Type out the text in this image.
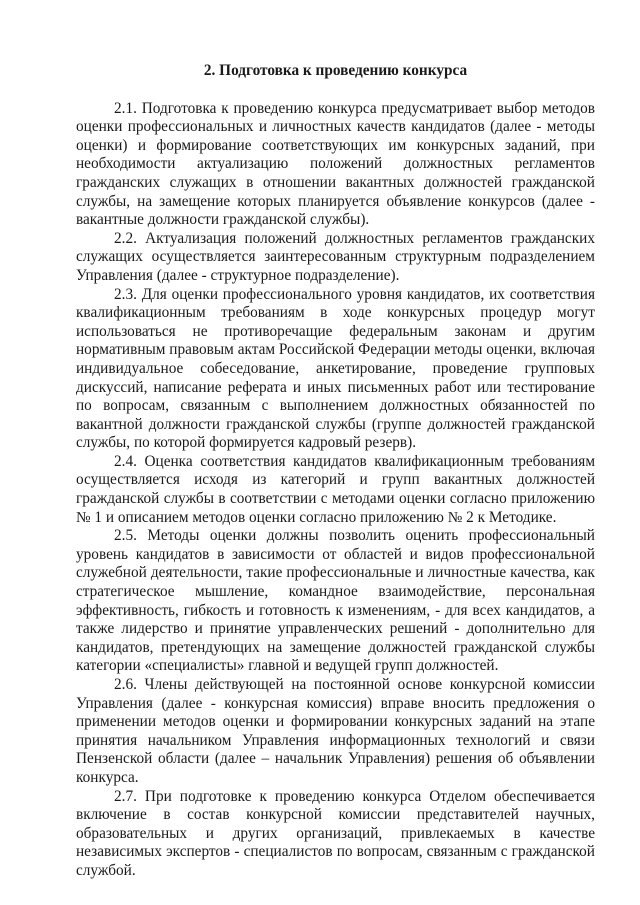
2. Подготовка к проведению конкурса

2.1. Подготовка к проведению конкурса предусматривает выбор методов оценки профессиональных и личностных качеств кандидатов (далее - методы оценки) и формирование соответствующих им конкурсных заданий, при необходимости актуализацию положений должностных регламентов гражданских служащих в отношении вакантных должностей гражданской службы, на замещение которых планируется объявление конкурсов (далее - вакантные должности гражданской службы).

2.2. Актуализация положений должностных регламентов гражданских служащих осуществляется заинтересованным структурным подразделением Управления (далее - структурное подразделение).

2.3. Для оценки профессионального уровня кандидатов, их соответствия квалификационным требованиям в ходе конкурсных процедур могут использоваться не противоречащие федеральным законам и другим нормативным правовым актам Российской Федерации методы оценки, включая индивидуальное собеседование, анкетирование, проведение групповых дискуссий, написание реферата и иных письменных работ или тестирование по вопросам, связанным с выполнением должностных обязанностей по вакантной должности гражданской службы (группе должностей гражданской службы, по которой формируется кадровый резерв).

2.4. Оценка соответствия кандидатов квалификационным требованиям осуществляется исходя из категорий и групп вакантных должностей гражданской службы в соответствии с методами оценки согласно приложению № 1 и описанием методов оценки согласно приложению № 2 к Методике.

2.5. Методы оценки должны позволить оценить профессиональный уровень кандидатов в зависимости от областей и видов профессиональной служебной деятельности, такие профессиональные и личностные качества, как стратегическое мышление, командное взаимодействие, персональная эффективность, гибкость и готовность к изменениям, - для всех кандидатов, а также лидерство и принятие управленческих решений - дополнительно для кандидатов, претендующих на замещение должностей гражданской службы категории «специалисты» главной и ведущей групп должностей.

2.6. Члены действующей на постоянной основе конкурсной комиссии Управления (далее - конкурсная комиссия) вправе вносить предложения о применении методов оценки и формировании конкурсных заданий на этапе принятия начальником Управления информационных технологий и связи Пензенской области (далее – начальник Управления) решения об объявлении конкурса.

2.7. При подготовке к проведению конкурса Отделом обеспечивается включение в состав конкурсной комиссии представителей научных, образовательных и других организаций, привлекаемых в качестве независимых экспертов - специалистов по вопросам, связанным с гражданской службой.
